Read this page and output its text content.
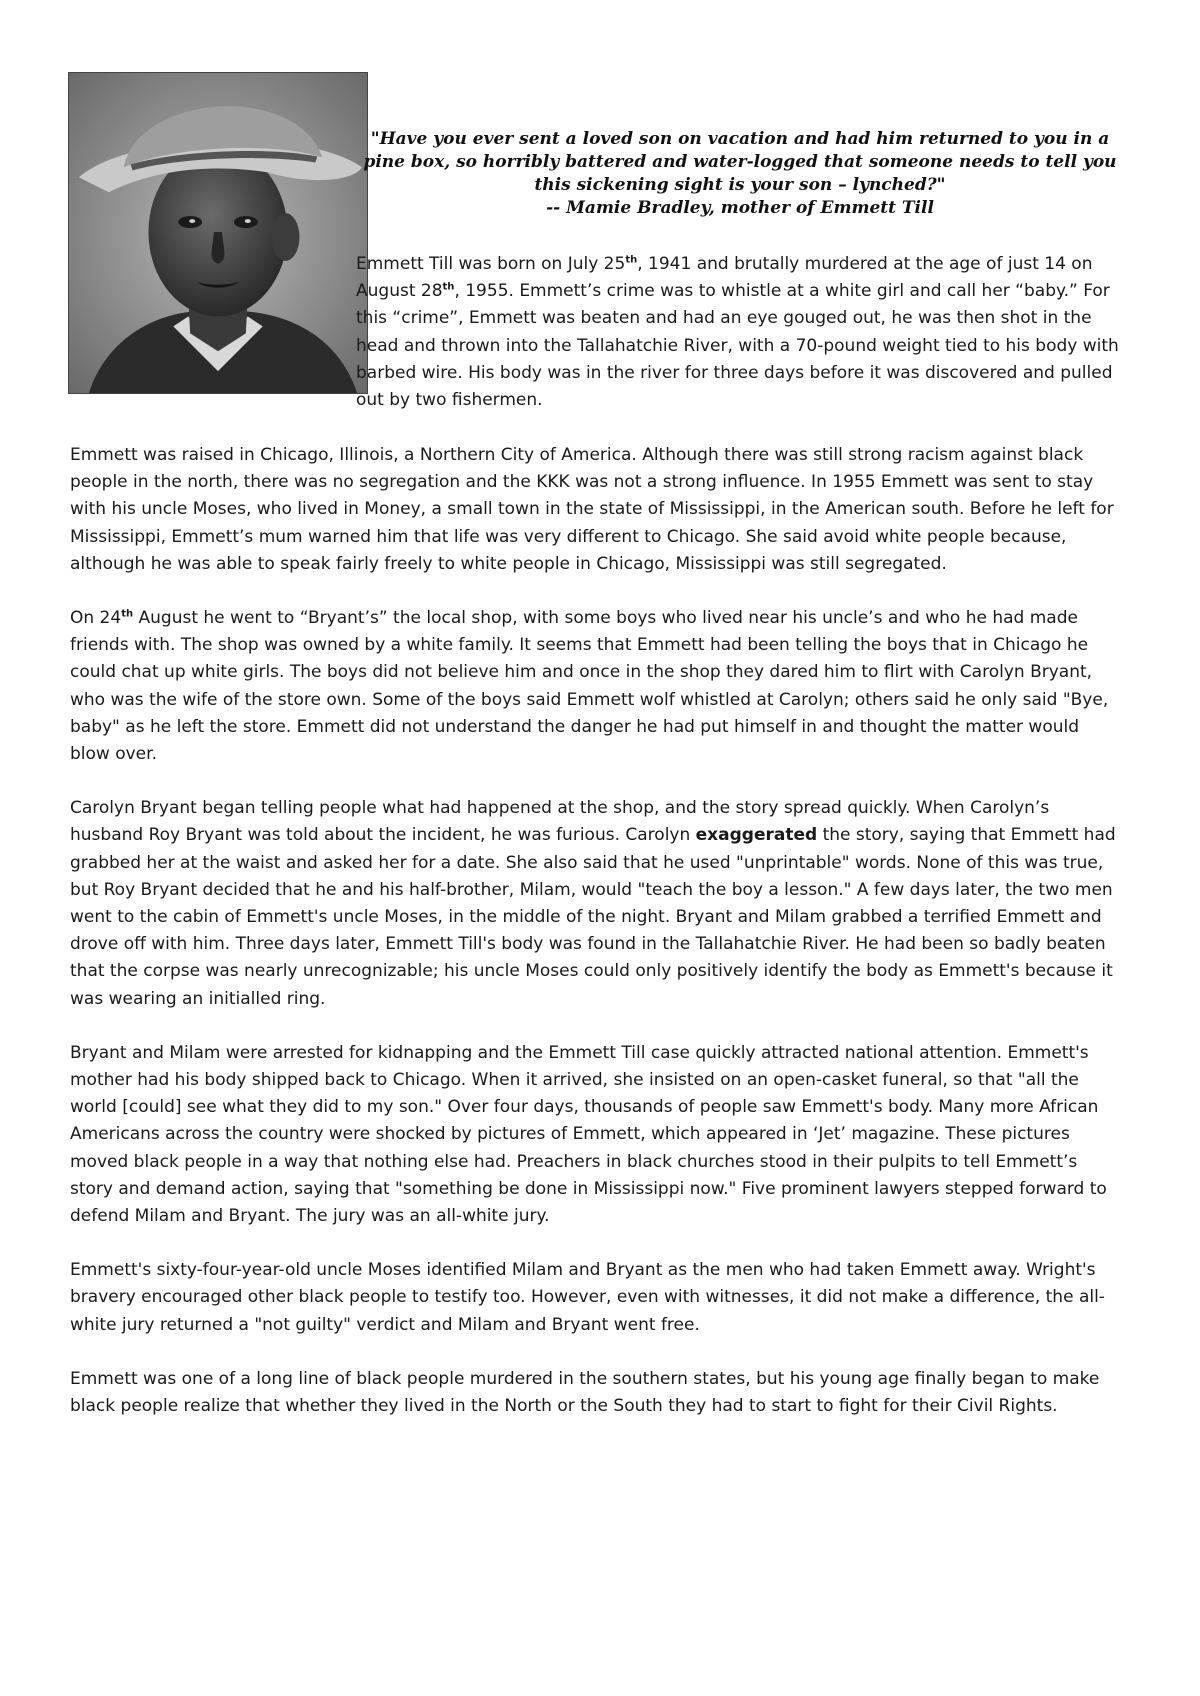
"Have you ever sent a loved son on vacation and had him returned to you in a pine box, so horribly battered and water-logged that someone needs to tell you this sickening sight is your son – lynched?"

-- Mamie Bradley, mother of Emmett Till

Emmett Till was born on July 25th, 1941 and brutally murdered at the age of just 14 on August 28th, 1955. Emmett’s crime was to whistle at a white girl and call her “baby.” For this “crime”, Emmett was beaten and had an eye gouged out, he was then shot in the head and thrown into the Tallahatchie River, with a 70-pound weight tied to his body with barbed wire. His body was in the river for three days before it was discovered and pulled out by two fishermen.

Emmett was raised in Chicago, Illinois, a Northern City of America. Although there was still strong racism against black people in the north, there was no segregation and the KKK was not a strong influence. In 1955 Emmett was sent to stay with his uncle Moses, who lived in Money, a small town in the state of Mississippi, in the American south. Before he left for Mississippi, Emmett’s mum warned him that life was very different to Chicago. She said avoid white people because, although he was able to speak fairly freely to white people in Chicago, Mississippi was still segregated.

On 24th August he went to “Bryant’s” the local shop, with some boys who lived near his uncle’s and who he had made friends with. The shop was owned by a white family. It seems that Emmett had been telling the boys that in Chicago he could chat up white girls. The boys did not believe him and once in the shop they dared him to flirt with Carolyn Bryant, who was the wife of the store own. Some of the boys said Emmett wolf whistled at Carolyn; others said he only said "Bye, baby" as he left the store. Emmett did not understand the danger he had put himself in and thought the matter would blow over.

Carolyn Bryant began telling people what had happened at the shop, and the story spread quickly. When Carolyn’s husband Roy Bryant was told about the incident, he was furious. Carolyn exaggerated the story, saying that Emmett had grabbed her at the waist and asked her for a date. She also said that he used "unprintable" words. None of this was true, but Roy Bryant decided that he and his half-brother, Milam, would "teach the boy a lesson." A few days later, the two men went to the cabin of Emmett's uncle Moses, in the middle of the night. Bryant and Milam grabbed a terrified Emmett and drove off with him. Three days later, Emmett Till's body was found in the Tallahatchie River. He had been so badly beaten that the corpse was nearly unrecognizable; his uncle Moses could only positively identify the body as Emmett's because it was wearing an initialled ring.

Bryant and Milam were arrested for kidnapping and the Emmett Till case quickly attracted national attention. Emmett's mother had his body shipped back to Chicago. When it arrived, she insisted on an open-casket funeral, so that "all the world [could] see what they did to my son." Over four days, thousands of people saw Emmett's body. Many more African Americans across the country were shocked by pictures of Emmett, which appeared in ‘Jet’ magazine. These pictures moved black people in a way that nothing else had. Preachers in black churches stood in their pulpits to tell Emmett’s story and demand action, saying that "something be done in Mississippi now." Five prominent lawyers stepped forward to defend Milam and Bryant. The jury was an all-white jury.

Emmett's sixty-four-year-old uncle Moses identified Milam and Bryant as the men who had taken Emmett away. Wright's bravery encouraged other black people to testify too. However, even with witnesses, it did not make a difference, the all-white jury returned a "not guilty" verdict and Milam and Bryant went free.

Emmett was one of a long line of black people murdered in the southern states, but his young age finally began to make black people realize that whether they lived in the North or the South they had to start to fight for their Civil Rights.
